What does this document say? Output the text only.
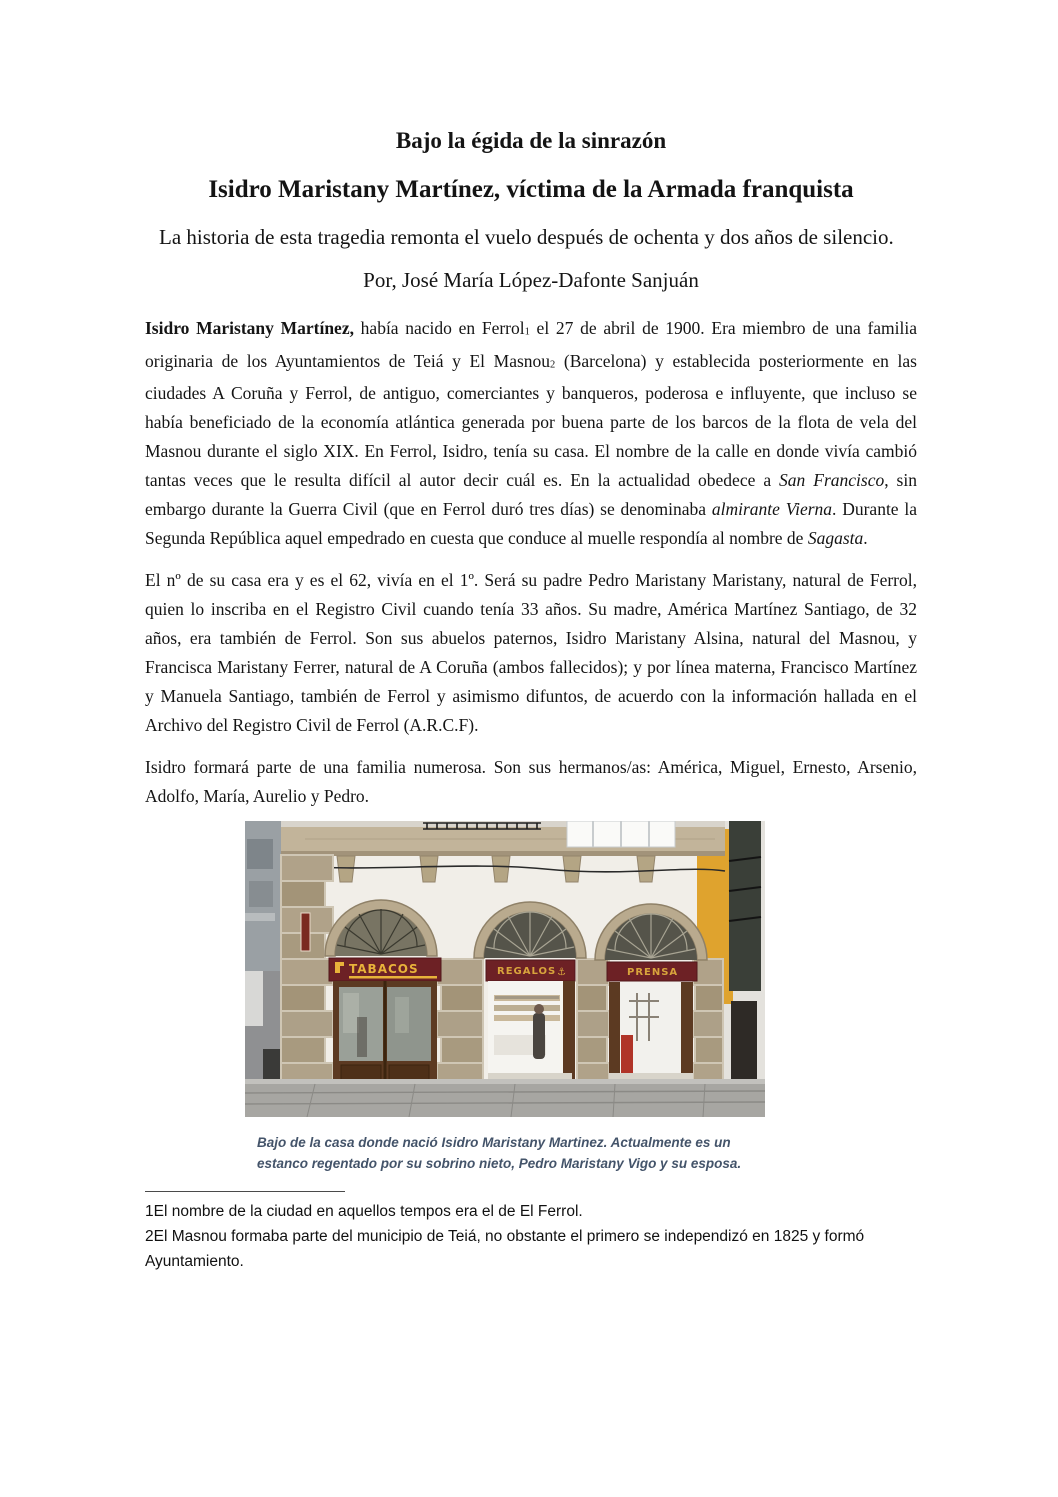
Bajo la égida de la sinrazón
Isidro Maristany Martínez, víctima de la Armada franquista

La historia de esta tragedia remonta el vuelo después de ochenta y dos años de silencio.

Por, José María López-Dafonte Sanjuán

Isidro Maristany Martínez, había nacido en Ferrol1 el 27 de abril de 1900. Era miembro de una familia originaria de los Ayuntamientos de Teiá y El Masnou2 (Barcelona) y establecida posteriormente en las ciudades A Coruña y Ferrol, de antiguo, comerciantes y banqueros, poderosa e influyente, que incluso se había beneficiado de la economía atlántica generada por buena parte de los barcos de la flota de vela del Masnou durante el siglo XIX. En Ferrol, Isidro, tenía su casa. El nombre de la calle en donde vivía cambió tantas veces que le resulta difícil al autor decir cuál es. En la actualidad obedece a San Francisco, sin embargo durante la Guerra Civil (que en Ferrol duró tres días) se denominaba almirante Vierna. Durante la Segunda República aquel empedrado en cuesta que conduce al muelle respondía al nombre de Sagasta.

El nº de su casa era y es el 62, vivía en el 1º. Será su padre Pedro Maristany Maristany, natural de Ferrol, quien lo inscriba en el Registro Civil cuando tenía 33 años. Su madre, América Martínez Santiago, de 32 años, era también de Ferrol. Son sus abuelos paternos, Isidro Maristany Alsina, natural del Masnou, y Francisca Maristany Ferrer, natural de A Coruña (ambos fallecidos); y por línea materna, Francisco Martínez y Manuela Santiago, también de Ferrol y asimismo difuntos, de acuerdo con la información hallada en el Archivo del Registro Civil de Ferrol (A.R.C.F).

Isidro formará parte de una familia numerosa. Son sus hermanos/as: América, Miguel, Ernesto, Arsenio, Adolfo, María, Aurelio y Pedro.

TABACOS	REGALOS ⚓	PRENSA
Bajo de la casa donde nació Isidro Maristany Martinez. Actualmente es un estanco regentado por su sobrino nieto, Pedro Maristany Vigo y su esposa.
1El nombre de la ciudad en aquellos tempos era el de El Ferrol.
2El Masnou formaba parte del municipio de Teiá, no obstante el primero se independizó en 1825 y formó Ayuntamiento.
